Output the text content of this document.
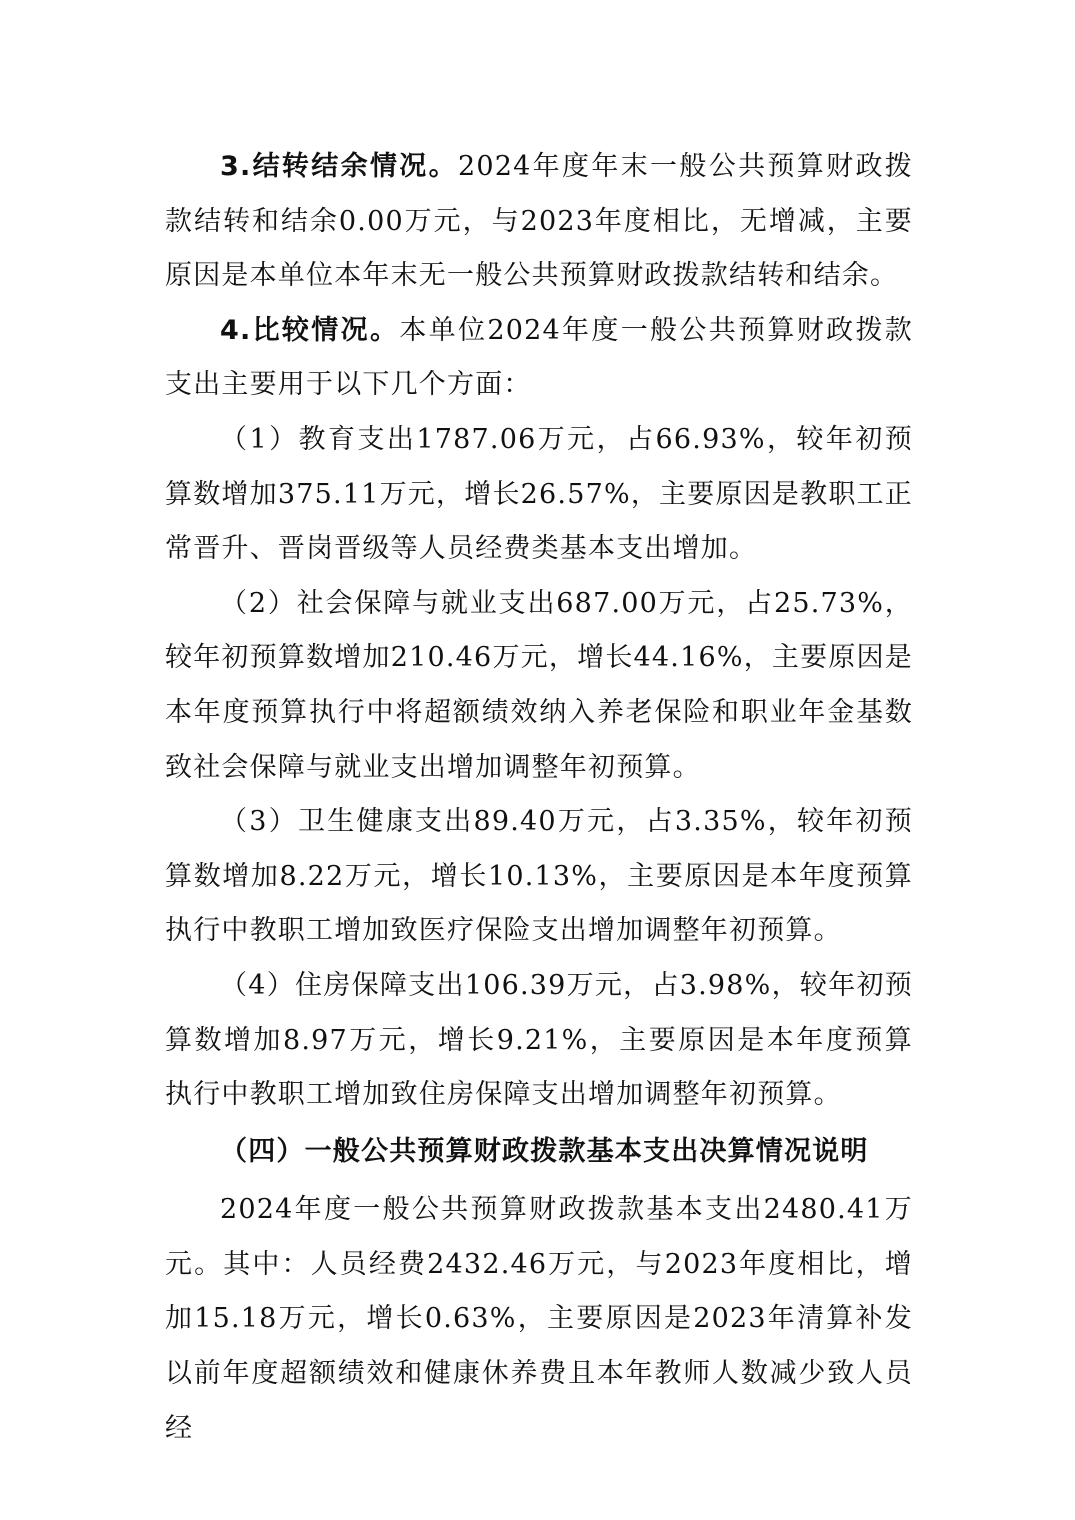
3.结转结余情况。2024年度年末一般公共预算财政拨款结转和结余0.00万元，与2023年度相比，无增减，主要原因是本单位本年末无一般公共预算财政拨款结转和结余。

4.比较情况。本单位2024年度一般公共预算财政拨款支出主要用于以下几个方面：

（1）教育支出1787.06万元，占66.93%，较年初预算数增加375.11万元，增长26.57%，主要原因是教职工正常晋升、晋岗晋级等人员经费类基本支出增加。

（2）社会保障与就业支出687.00万元，占25.73%，较年初预算数增加210.46万元，增长44.16%，主要原因是本年度预算执行中将超额绩效纳入养老保险和职业年金基数致社会保障与就业支出增加调整年初预算。

（3）卫生健康支出89.40万元，占3.35%，较年初预算数增加8.22万元，增长10.13%，主要原因是本年度预算执行中教职工增加致医疗保险支出增加调整年初预算。

（4）住房保障支出106.39万元，占3.98%，较年初预算数增加8.97万元，增长9.21%，主要原因是本年度预算执行中教职工增加致住房保障支出增加调整年初预算。

（四）一般公共预算财政拨款基本支出决算情况说明

2024年度一般公共预算财政拨款基本支出2480.41万元。其中：人员经费2432.46万元，与2023年度相比，增加15.18万元，增长0.63%，主要原因是2023年清算补发以前年度超额绩效和健康休养费且本年教师人数减少致人员经
